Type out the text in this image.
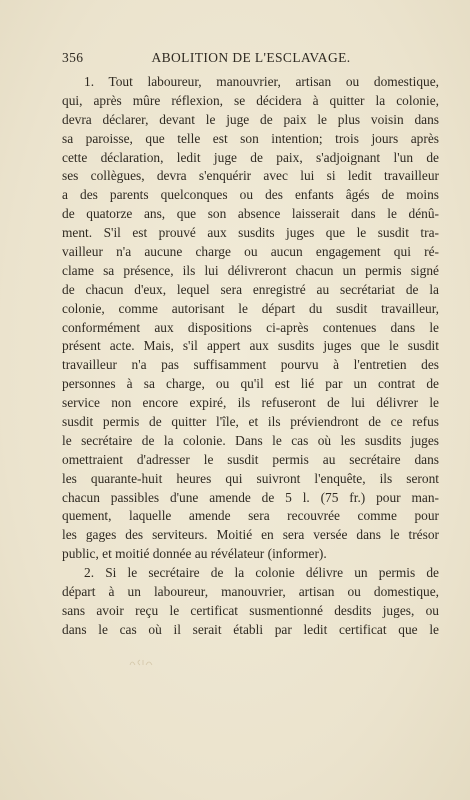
356	ABOLITION DE L'ESCLAVAGE.
1. Tout laboureur, manouvrier, artisan ou domestique,
qui, après mûre réflexion, se décidera à quitter la colonie,
devra déclarer, devant le juge de paix le plus voisin dans
sa paroisse, que telle est son intention; trois jours après
cette déclaration, ledit juge de paix, s'adjoignant l'un de
ses collègues, devra s'enquérir avec lui si ledit travailleur
a des parents quelconques ou des enfants âgés de moins
de quatorze ans, que son absence laisserait dans le dénû-
ment. S'il est prouvé aux susdits juges que le susdit tra-
vailleur n'a aucune charge ou aucun engagement qui ré-
clame sa présence, ils lui délivreront chacun un permis signé
de chacun d'eux, lequel sera enregistré au secrétariat de la
colonie, comme autorisant le départ du susdit travailleur,
conformément aux dispositions ci-après contenues dans le
présent acte. Mais, s'il appert aux susdits juges que le susdit
travailleur n'a pas suffisamment pourvu à l'entretien des
personnes à sa charge, ou qu'il est lié par un contrat de
service non encore expiré, ils refuseront de lui délivrer le
susdit permis de quitter l'île, et ils préviendront de ce refus
le secrétaire de la colonie. Dans le cas où les susdits juges
omettraient d'adresser le susdit permis au secrétaire dans
les quarante-huit heures qui suivront l'enquête, ils seront
chacun passibles d'une amende de 5 l. (75 fr.) pour man-
quement, laquelle amende sera recouvrée comme pour
les gages des serviteurs. Moitié en sera versée dans le trésor
public, et moitié donnée au révélateur (informer).
2. Si le secrétaire de la colonie délivre un permis de
départ à un laboureur, manouvrier, artisan ou domestique,
sans avoir reçu le certificat susmentionné desdits juges, ou
dans le cas où il serait établi par ledit certificat que le
